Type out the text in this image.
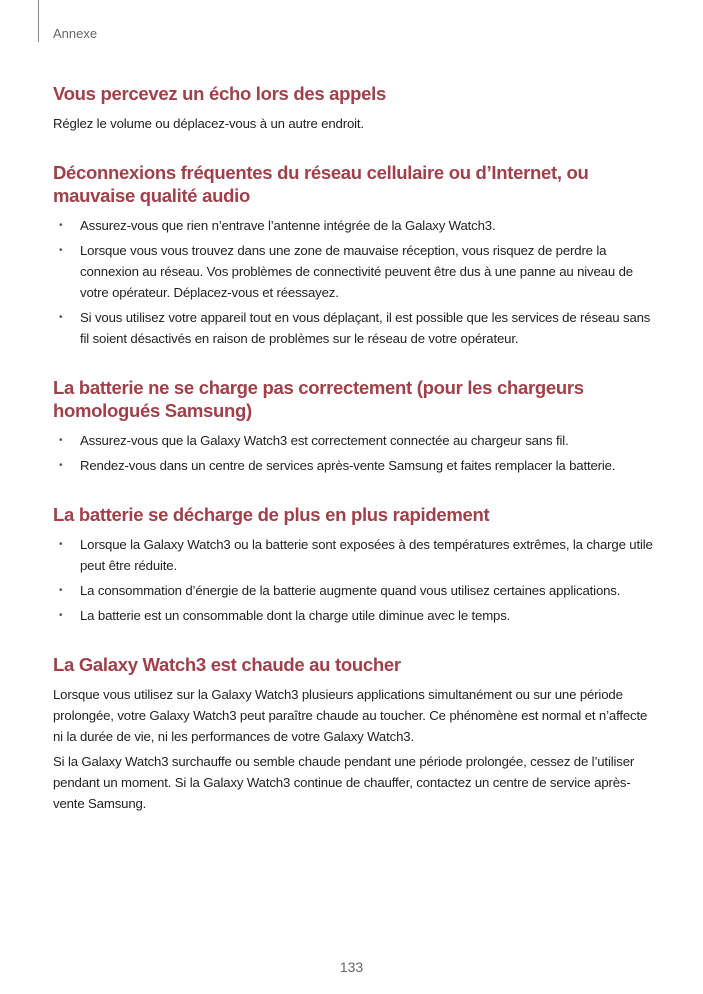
Annexe
Vous percevez un écho lors des appels

Réglez le volume ou déplacez-vous à un autre endroit.

Déconnexions fréquentes du réseau cellulaire ou d’Internet, ou mauvaise qualité audio
• Assurez-vous que rien n’entrave l’antenne intégrée de la Galaxy Watch3.
• Lorsque vous vous trouvez dans une zone de mauvaise réception, vous risquez de perdre la connexion au réseau. Vos problèmes de connectivité peuvent être dus à une panne au niveau de votre opérateur. Déplacez-vous et réessayez.
• Si vous utilisez votre appareil tout en vous déplaçant, il est possible que les services de réseau sans fil soient désactivés en raison de problèmes sur le réseau de votre opérateur.
La batterie ne se charge pas correctement (pour les chargeurs homologués Samsung)
• Assurez-vous que la Galaxy Watch3 est correctement connectée au chargeur sans fil.
• Rendez-vous dans un centre de services après-vente Samsung et faites remplacer la batterie.
La batterie se décharge de plus en plus rapidement
• Lorsque la Galaxy Watch3 ou la batterie sont exposées à des températures extrêmes, la charge utile peut être réduite.
• La consommation d’énergie de la batterie augmente quand vous utilisez certaines applications.
• La batterie est un consommable dont la charge utile diminue avec le temps.
La Galaxy Watch3 est chaude au toucher

Lorsque vous utilisez sur la Galaxy Watch3 plusieurs applications simultanément ou sur une période prolongée, votre Galaxy Watch3 peut paraître chaude au toucher. Ce phénomène est normal et n’affecte ni la durée de vie, ni les performances de votre Galaxy Watch3.

Si la Galaxy Watch3 surchauffe ou semble chaude pendant une période prolongée, cessez de l’utiliser pendant un moment. Si la Galaxy Watch3 continue de chauffer, contactez un centre de service après-vente Samsung.

133
